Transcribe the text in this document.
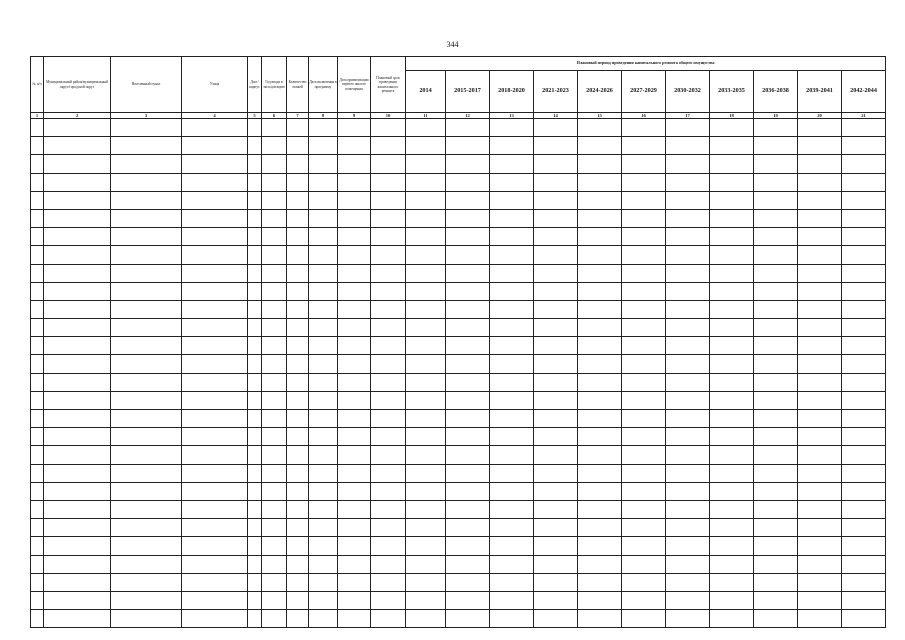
344
№ п/п	Муниципальный район/муниципальный округ/городской округ	Населенный пункт	Улица	Дом / корпус	Год ввода в эксплуатацию	Количество этажей	Дата включения в программу	Дата приватизации первого жилого помещения	Плановый срок проведения капитального ремонта	Плановый период проведения капитального ремонта общего имущества										
										2014	2015-2017	2018-2020	2021-2023	2024-2026	2027-2029	2030-2032	2033-2035	2036-2038	2039-2041	2042-2044
1	2	3	4	5	6	7	8	9	10	11	12	13	14	15	16	17	18	19	20	21
